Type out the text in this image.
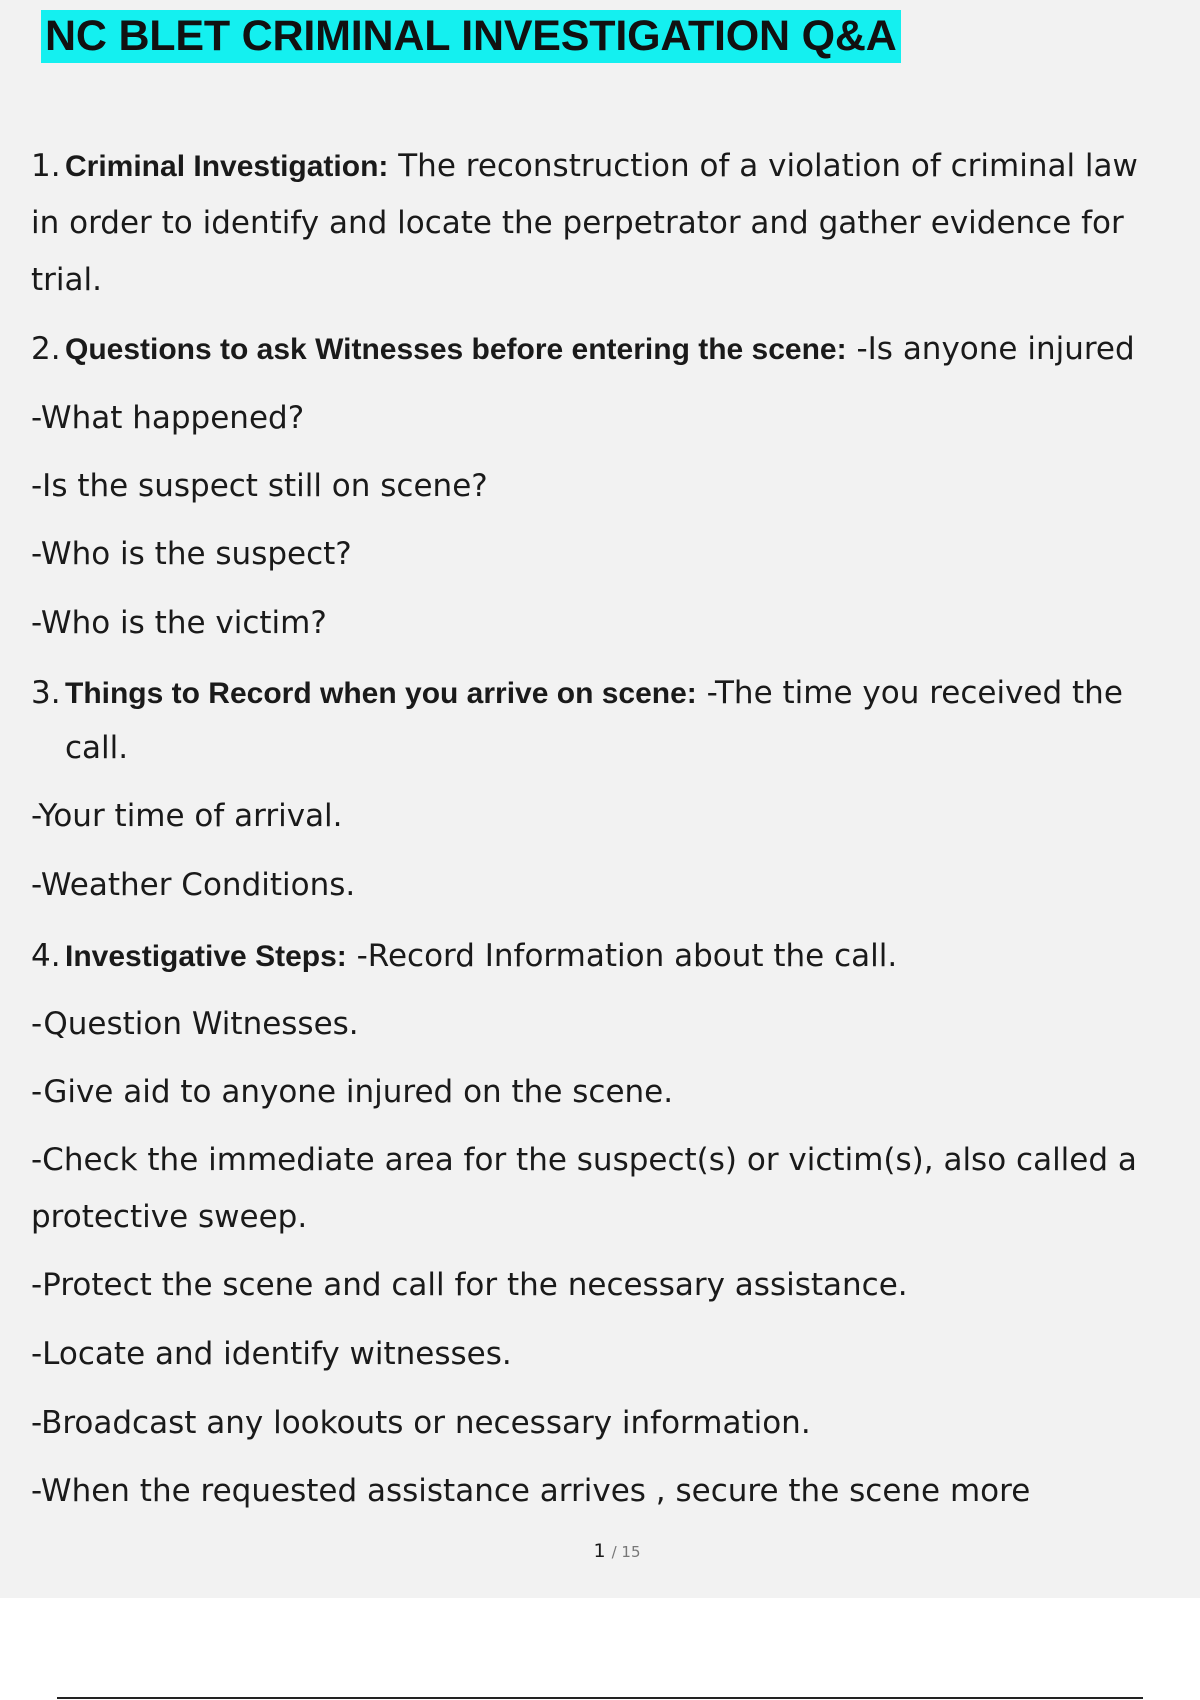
NC BLET CRIMINAL INVESTIGATION Q&A
1. Criminal Investigation: The reconstruction of a violation of criminal law
in order to identify and locate the perpetrator and gather evidence for
trial.
2. Questions to ask Witnesses before entering the scene: -Is anyone injured
-What happened?
-Is the suspect still on scene?
-Who is the suspect?
-Who is the victim?
3. Things to Record when you arrive on scene: -The time you received the
call.
-Your time of arrival.
-Weather Conditions.
4. Investigative Steps: -Record Information about the call.
-Question Witnesses.
-Give aid to anyone injured on the scene.
-Check the immediate area for the suspect(s) or victim(s), also called a
protective sweep.
-Protect the scene and call for the necessary assistance.
-Locate and identify witnesses.
-Broadcast any lookouts or necessary information.
-When the requested assistance arrives , secure the scene more
1 / 15
